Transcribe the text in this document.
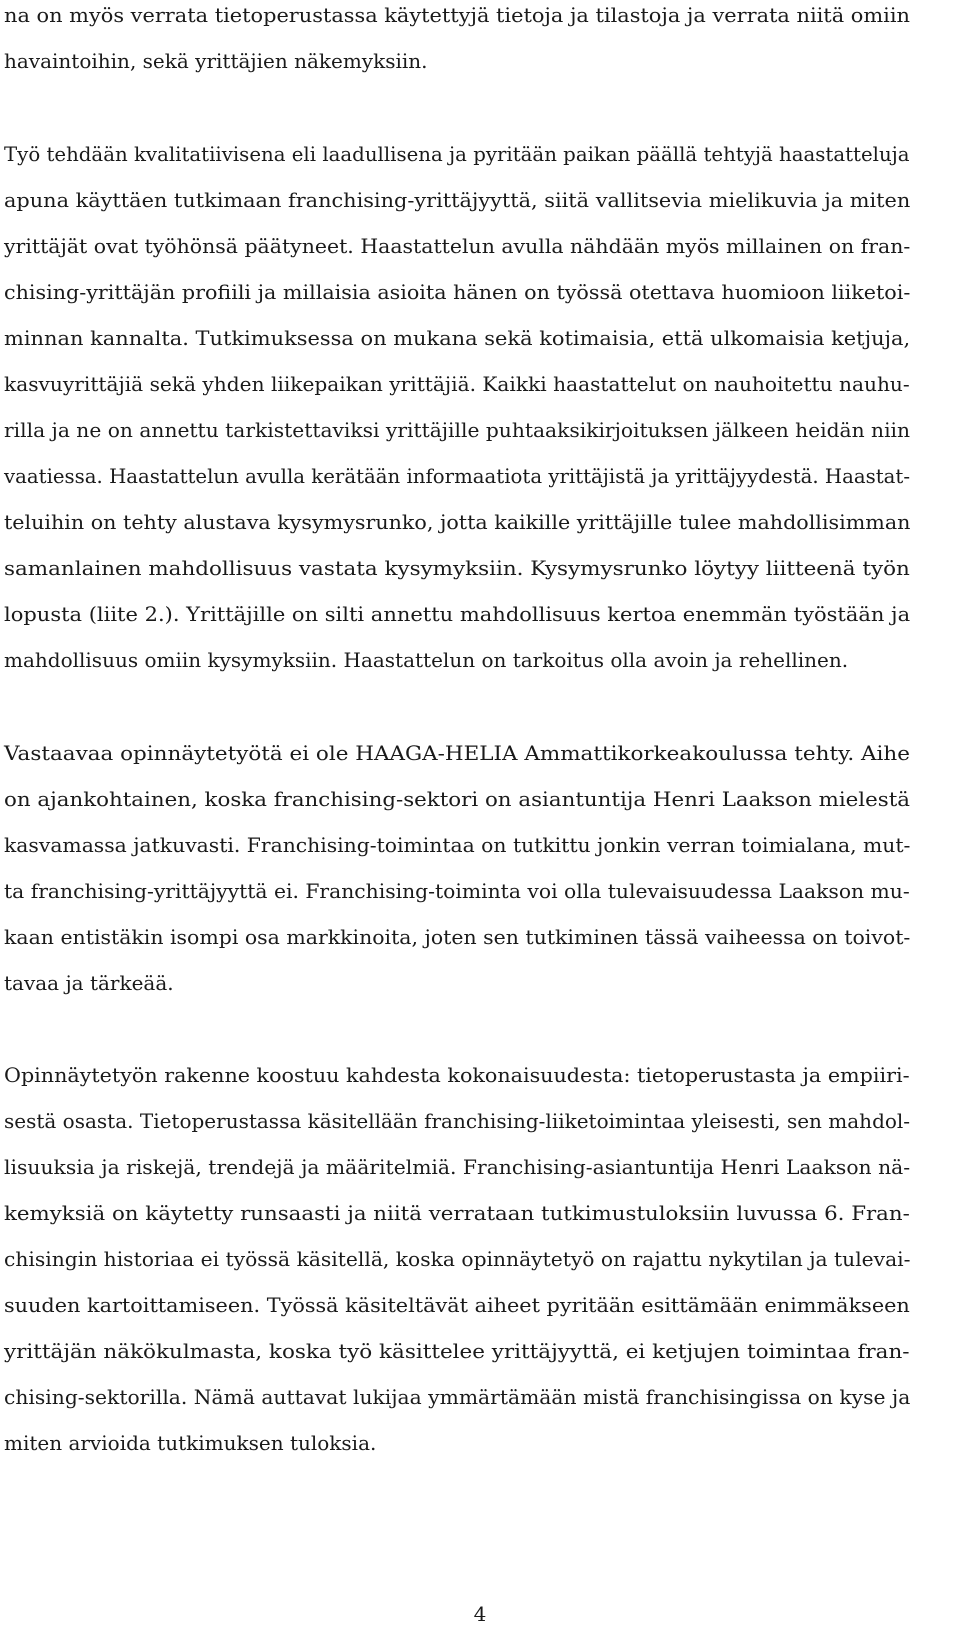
na on myös verrata tietoperustassa käytettyjä tietoja ja tilastoja ja verrata niitä omiin
havaintoihin, sekä yrittäjien näkemyksiin.
Työ tehdään kvalitatiivisena eli laadullisena ja pyritään paikan päällä tehtyjä haastatteluja
apuna käyttäen tutkimaan franchising-yrittäjyyttä, siitä vallitsevia mielikuvia ja miten
yrittäjät ovat työhönsä päätyneet. Haastattelun avulla nähdään myös millainen on fran-
chising-yrittäjän profiili ja millaisia asioita hänen on työssä otettava huomioon liiketoi-
minnan kannalta. Tutkimuksessa on mukana sekä kotimaisia, että ulkomaisia ketjuja,
kasvuyrittäjiä sekä yhden liikepaikan yrittäjiä. Kaikki haastattelut on nauhoitettu nauhu-
rilla ja ne on annettu tarkistettaviksi yrittäjille puhtaaksikirjoituksen jälkeen heidän niin
vaatiessa. Haastattelun avulla kerätään informaatiota yrittäjistä ja yrittäjyydestä. Haastat-
teluihin on tehty alustava kysymysrunko, jotta kaikille yrittäjille tulee mahdollisimman
samanlainen mahdollisuus vastata kysymyksiin. Kysymysrunko löytyy liitteenä työn
lopusta (liite 2.). Yrittäjille on silti annettu mahdollisuus kertoa enemmän työstään ja
mahdollisuus omiin kysymyksiin. Haastattelun on tarkoitus olla avoin ja rehellinen.
Vastaavaa opinnäytetyötä ei ole HAAGA-HELIA Ammattikorkeakoulussa tehty. Aihe
on ajankohtainen, koska franchising-sektori on asiantuntija Henri Laakson mielestä
kasvamassa jatkuvasti. Franchising-toimintaa on tutkittu jonkin verran toimialana, mut-
ta franchising-yrittäjyyttä ei. Franchising-toiminta voi olla tulevaisuudessa Laakson mu-
kaan entistäkin isompi osa markkinoita, joten sen tutkiminen tässä vaiheessa on toivot-
tavaa ja tärkeää.
Opinnäytetyön rakenne koostuu kahdesta kokonaisuudesta: tietoperustasta ja empiiri-
sestä osasta. Tietoperustassa käsitellään franchising-liiketoimintaa yleisesti, sen mahdol-
lisuuksia ja riskejä, trendejä ja määritelmiä. Franchising-asiantuntija Henri Laakson nä-
kemyksiä on käytetty runsaasti ja niitä verrataan tutkimustuloksiin luvussa 6. Fran-
chisingin historiaa ei työssä käsitellä, koska opinnäytetyö on rajattu nykytilan ja tulevai-
suuden kartoittamiseen. Työssä käsiteltävät aiheet pyritään esittämään enimmäkseen
yrittäjän näkökulmasta, koska työ käsittelee yrittäjyyttä, ei ketjujen toimintaa fran-
chising-sektorilla. Nämä auttavat lukijaa ymmärtämään mistä franchisingissa on kyse ja
miten arvioida tutkimuksen tuloksia.
4
